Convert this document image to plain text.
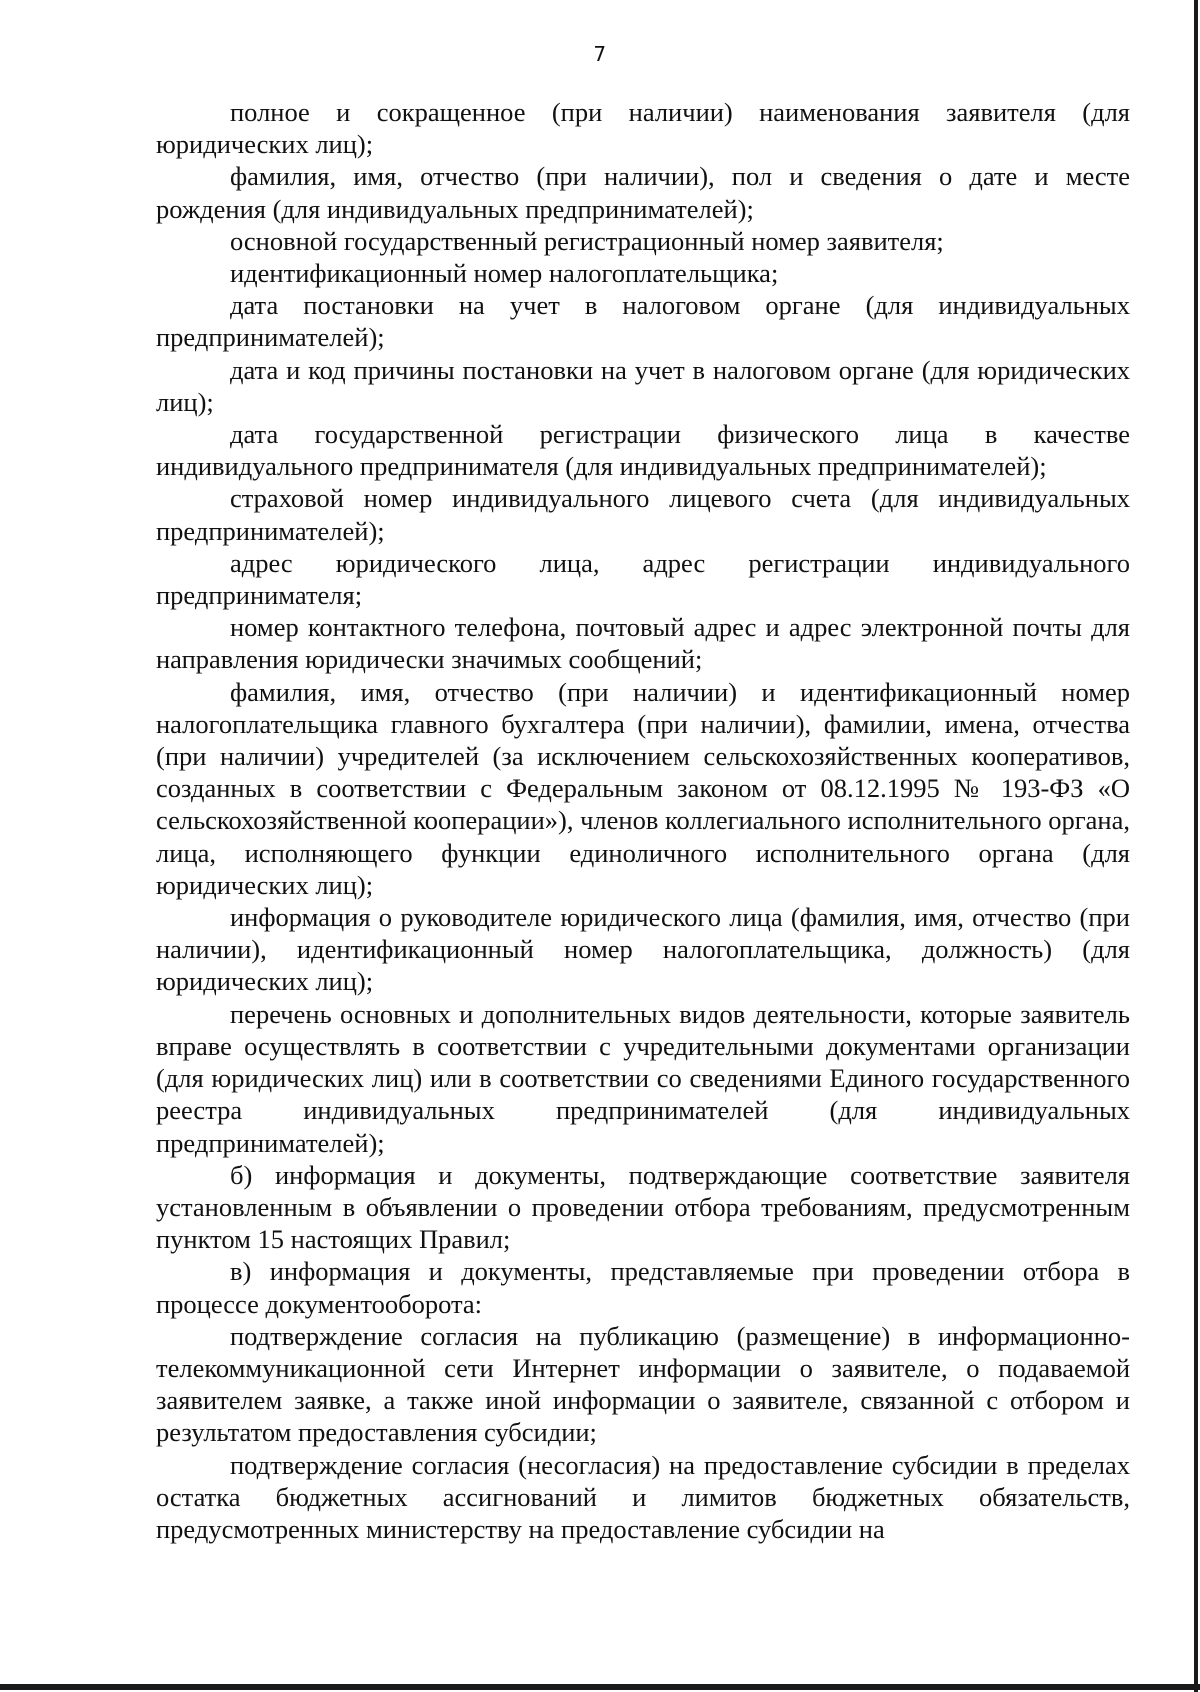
7

полное и сокращенное (при наличии) наименования заявителя (для юридических лиц);

фамилия, имя, отчество (при наличии), пол и сведения о дате и месте рождения (для индивидуальных предпринимателей);

основной государственный регистрационный номер заявителя;

идентификационный номер налогоплательщика;

дата постановки на учет в налоговом органе (для индивидуальных предпринимателей);

дата и код причины постановки на учет в налоговом органе (для юридических лиц);

дата государственной регистрации физического лица в качестве индивидуального предпринимателя (для индивидуальных предпринимателей);

страховой номер индивидуального лицевого счета (для индивидуальных предпринимателей);

адрес юридического лица, адрес регистрации индивидуального предпринимателя;

номер контактного телефона, почтовый адрес и адрес электронной почты для направления юридически значимых сообщений;

фамилия, имя, отчество (при наличии) и идентификационный номер налогоплательщика главного бухгалтера (при наличии), фамилии, имена, отчества (при наличии) учредителей (за исключением сельскохозяйственных кооперативов, созданных в соответствии с Федеральным законом от 08.12.1995 № 193-ФЗ «О сельскохозяйственной кооперации»), членов коллегиального исполнительного органа, лица, исполняющего функции единоличного исполнительного органа (для юридических лиц);

информация о руководителе юридического лица (фамилия, имя, отчество (при наличии), идентификационный номер налогоплательщика, должность) (для юридических лиц);

перечень основных и дополнительных видов деятельности, которые заявитель вправе осуществлять в соответствии с учредительными документами организации (для юридических лиц) или в соответствии со сведениями Единого государственного реестра индивидуальных предпринимателей (для индивидуальных предпринимателей);

б) информация и документы, подтверждающие соответствие заявителя установленным в объявлении о проведении отбора требованиям, предусмотренным пунктом 15 настоящих Правил;

в) информация и документы, представляемые при проведении отбора в процессе документооборота:

подтверждение согласия на публикацию (размещение) в информационно-телекоммуникационной сети Интернет информации о заявителе, о подаваемой заявителем заявке, а также иной информации о заявителе, связанной с отбором и результатом предоставления субсидии;

подтверждение согласия (несогласия) на предоставление субсидии в пределах остатка бюджетных ассигнований и лимитов бюджетных обязательств, предусмотренных министерству на предоставление субсидии на
